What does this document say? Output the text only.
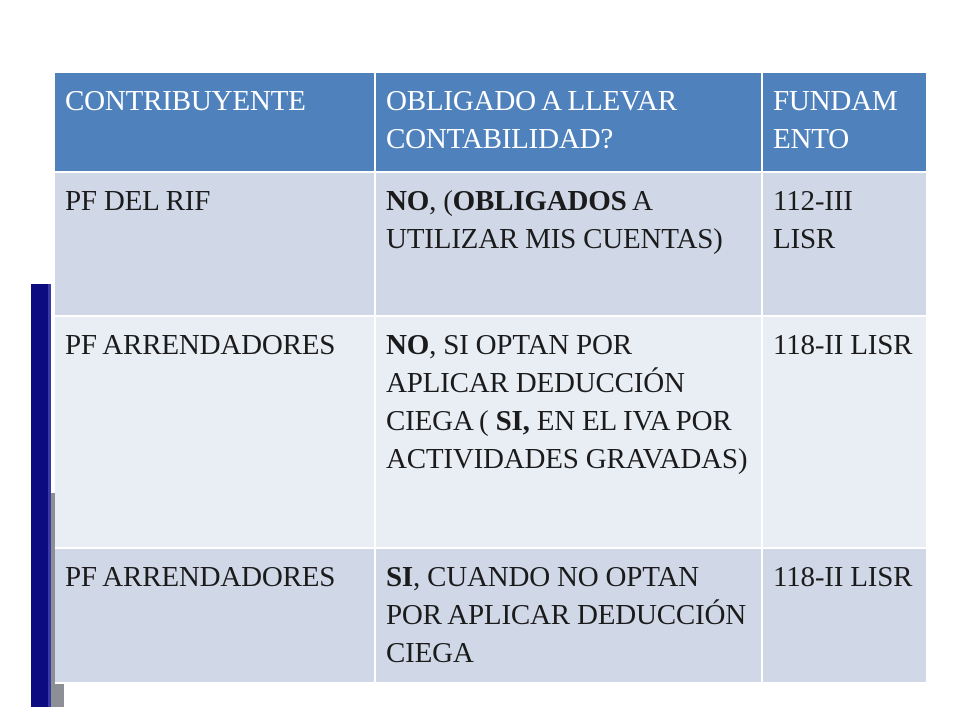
CONTRIBUYENTE	OBLIGADO A LLEVAR CONTABILIDAD?	FUNDAM ENTO
PF DEL RIF	NO, (OBLIGADOS A UTILIZAR MIS CUENTAS)	112-III LISR
PF ARRENDADORES	NO, SI OPTAN POR APLICAR DEDUCCIÓN CIEGA ( SI, EN EL IVA POR ACTIVIDADES GRAVADAS)	118-II LISR
PF ARRENDADORES	SI, CUANDO NO OPTAN POR APLICAR DEDUCCIÓN CIEGA	118-II LISR
